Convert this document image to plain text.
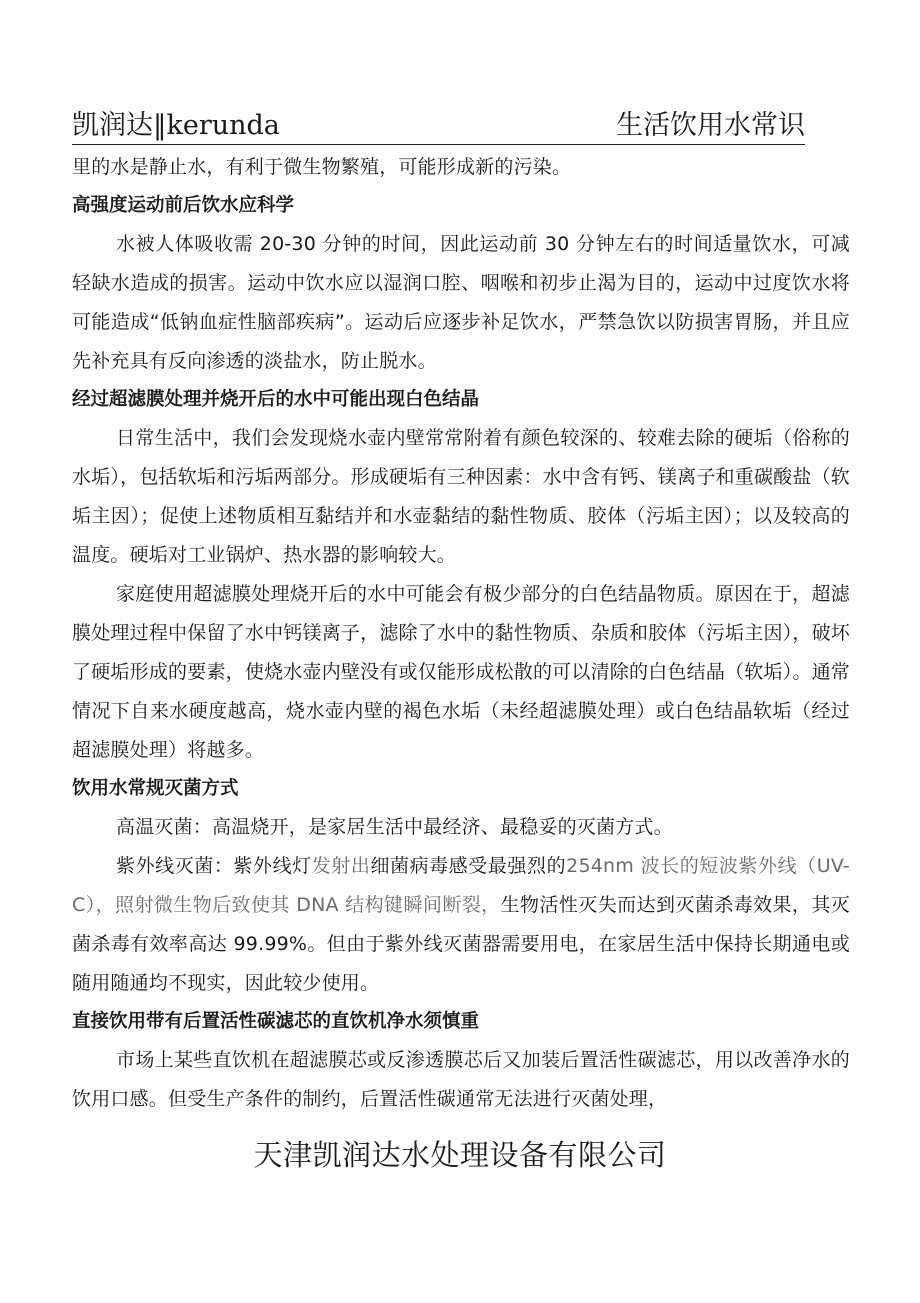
凯润达‖kerunda	生活饮用水常识

里的水是静止水，有利于微生物繁殖，可能形成新的污染。

高强度运动前后饮水应科学

水被人体吸收需 20-30 分钟的时间，因此运动前 30 分钟左右的时间适量饮水，可减轻缺水造成的损害。运动中饮水应以湿润口腔、咽喉和初步止渴为目的，运动中过度饮水将可能造成“低钠血症性脑部疾病”。运动后应逐步补足饮水，严禁急饮以防损害胃肠，并且应先补充具有反向渗透的淡盐水，防止脱水。

经过超滤膜处理并烧开后的水中可能出现白色结晶

日常生活中，我们会发现烧水壶内壁常常附着有颜色较深的、较难去除的硬垢（俗称的水垢），包括软垢和污垢两部分。形成硬垢有三种因素：水中含有钙、镁离子和重碳酸盐（软垢主因）；促使上述物质相互黏结并和水壶黏结的黏性物质、胶体（污垢主因）；以及较高的温度。硬垢对工业锅炉、热水器的影响较大。

家庭使用超滤膜处理烧开后的水中可能会有极少部分的白色结晶物质。原因在于，超滤膜处理过程中保留了水中钙镁离子，滤除了水中的黏性物质、杂质和胶体（污垢主因），破坏了硬垢形成的要素，使烧水壶内壁没有或仅能形成松散的可以清除的白色结晶（软垢）。通常情况下自来水硬度越高，烧水壶内壁的褐色水垢（未经超滤膜处理）或白色结晶软垢（经过超滤膜处理）将越多。

饮用水常规灭菌方式

高温灭菌：高温烧开，是家居生活中最经济、最稳妥的灭菌方式。

紫外线灭菌：紫外线灯发射出细菌病毒感受最强烈的254nm 波长的短波紫外线（UV-C），照射微生物后致使其 DNA 结构键瞬间断裂，生物活性灭失而达到灭菌杀毒效果，其灭菌杀毒有效率高达 99.99%。但由于紫外线灭菌器需要用电，在家居生活中保持长期通电或随用随通均不现实，因此较少使用。

直接饮用带有后置活性碳滤芯的直饮机净水须慎重

市场上某些直饮机在超滤膜芯或反渗透膜芯后又加装后置活性碳滤芯，用以改善净水的饮用口感。但受生产条件的制约，后置活性碳通常无法进行灭菌处理，

天津凯润达水处理设备有限公司
